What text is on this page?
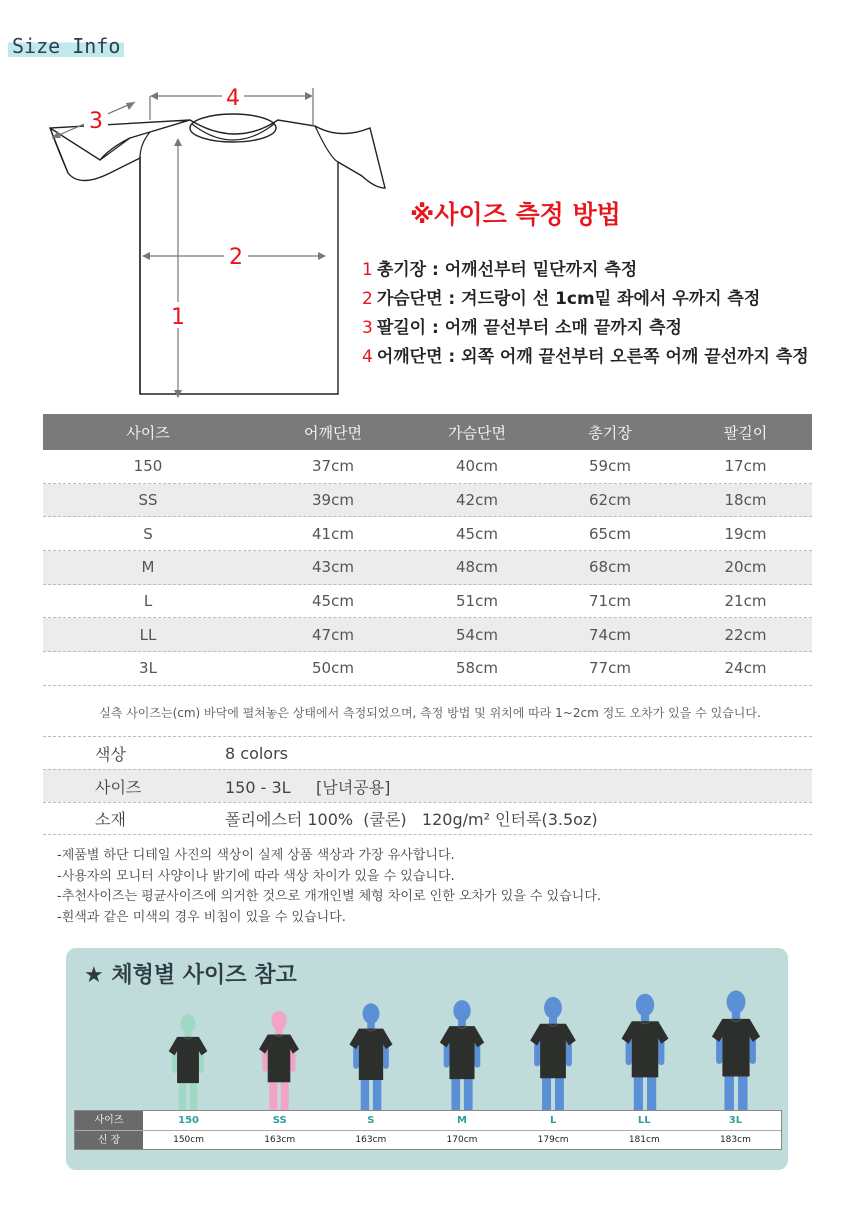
Size Info
4
3
2
1
※사이즈 측정 방법
1 총기장 : 어깨선부터 밑단까지 측정
2 가슴단면 : 겨드랑이 선 1cm밑 좌에서 우까지 측정
3 팔길이 : 어깨 끝선부터 소매 끝까지 측정
4 어깨단면 : 외쪽 어깨 끝선부터 오른쪽 어깨 끝선까지 측정
사이즈	어깨단면	가슴단면	총기장	팔길이
150	37cm	40cm	59cm	17cm
SS	39cm	42cm	62cm	18cm
S	41cm	45cm	65cm	19cm
M	43cm	48cm	68cm	20cm
L	45cm	51cm	71cm	21cm
LL	47cm	54cm	74cm	22cm
3L	50cm	58cm	77cm	24cm
실측 사이즈는(cm) 바닥에 펼쳐놓은 상태에서 측정되었으며, 측정 방법 및 위치에 따라 1~2cm 정도 오차가 있을 수 있습니다.
색상	8 colors
사이즈	150 - 3L     [남녀공용]
소재	폴리에스터 100%  (쿨론)   120g/m² 인터록(3.5oz)
-제품별 하단 디테일 사진의 색상이 실제 상품 색상과 가장 유사합니다.
-사용자의 모니터 사양이나 밝기에 따라 색상 차이가 있을 수 있습니다.
-추천사이즈는 평균사이즈에 의거한 것으로 개개인별 체형 차이로 인한 오차가 있을 수 있습니다.
-흰색과 같은 미색의 경우 비침이 있을 수 있습니다.
★ 체형별 사이즈 참고
사이즈	150	SS	S	M	L	LL	3L
신 장	150cm	163cm	163cm	170cm	179cm	181cm	183cm
